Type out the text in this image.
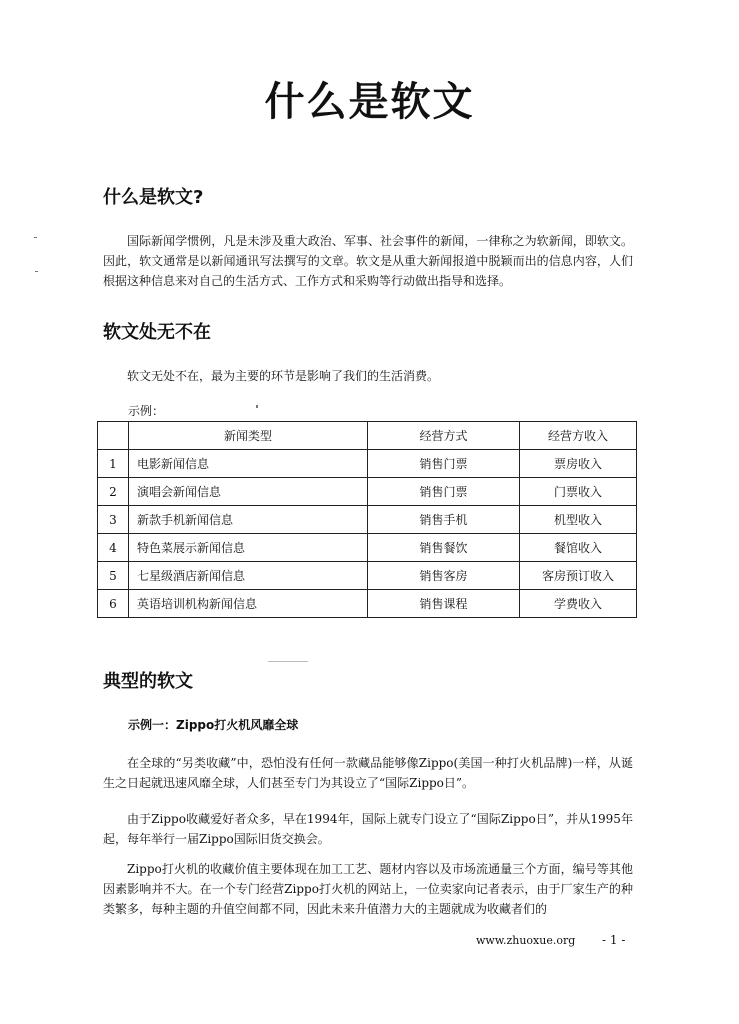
什么是软文
什么是软文?
国际新闻学惯例，凡是未涉及重大政治、军事、社会事件的新闻，一律称之为软新闻，即软文。因此，软文通常是以新闻通讯写法撰写的文章。软文是从重大新闻报道中脱颖而出的信息内容，人们根据这种信息来对自己的生活方式、工作方式和采购等行动做出指导和选择。
软文处无不在
软文无处不在，最为主要的环节是影响了我们的生活消费。
示例：
	新闻类型	经营方式	经营方收入
1	电影新闻信息	销售门票	票房收入
2	演唱会新闻信息	销售门票	门票收入
3	新款手机新闻信息	销售手机	机型收入
4	特色菜展示新闻信息	销售餐饮	餐馆收入
5	七星级酒店新闻信息	销售客房	客房预订收入
6	英语培训机构新闻信息	销售课程	学费收入
典型的软文
示例一：Zippo打火机风靡全球
在全球的“另类收藏”中，恐怕没有任何一款藏品能够像Zippo(美国一种打火机品牌)一样，从诞生之日起就迅速风靡全球，人们甚至专门为其设立了“国际Zippo日”。
由于Zippo收藏爱好者众多，早在1994年，国际上就专门设立了“国际Zippo日”，并从1995年起，每年举行一届Zippo国际旧货交换会。
Zippo打火机的收藏价值主要体现在加工工艺、题材内容以及市场流通量三个方面，编号等其他因素影响并不大。在一个专门经营Zippo打火机的网站上，一位卖家向记者表示，由于厂家生产的种类繁多，每种主题的升值空间都不同，因此未来升值潜力大的主题就成为收藏者们的
www.zhuoxue.org - 1 -
